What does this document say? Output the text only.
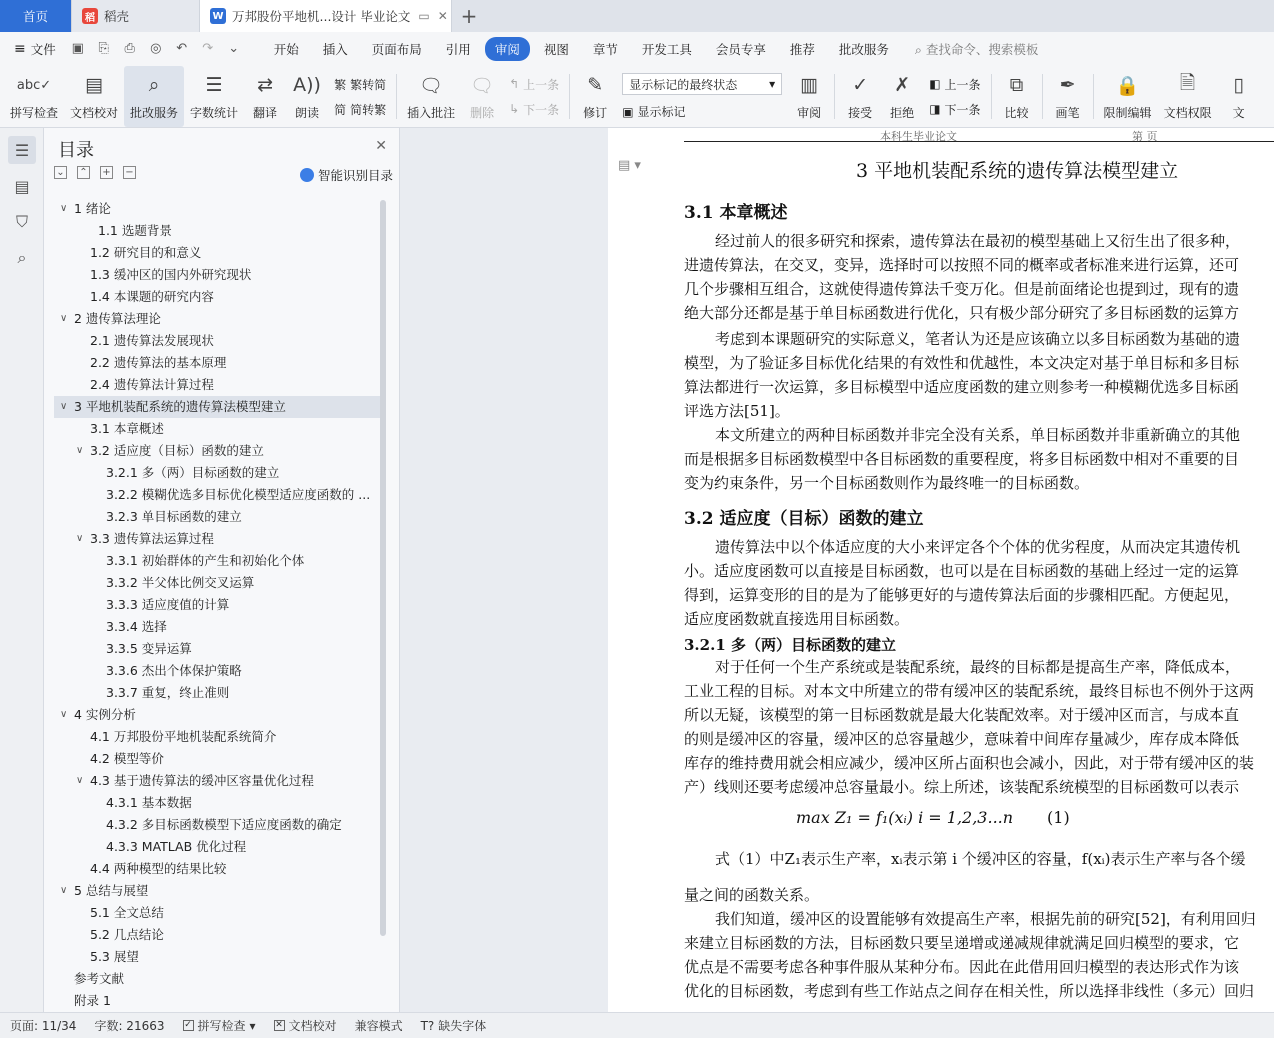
首页	稻 稻壳	W 万邦股份平地机...设计 毕业论文 ▭ ✕ +
≡ 文件 ▣ ⎘ ⎙ ◎ ↶ ↷ ⌄	开始	插入	页面布局	引用	审阅	视图	章节	开发工具	会员专享	推荐	批改服务	⌕ 查找命令、搜索模板
abc✓
拼写检查
▤
文档校对
⌕
批改服务
☰
字数统计
⇄
翻译
A))
朗读
繁 繁转简
简 简转繁
🗨
插入批注
🗨
删除
↰ 上一条
↳ 下一条
✎
修订
显示标记的最终状态	▾
▣ 显示标记
▥
审阅
✓
接受
✗
拒绝
◧ 上一条
◨ 下一条
⧉
比较
✒
画笔
🔒
限制编辑
🗎
文档权限
▯
文
☰
▤
⛉
⌕
目录	✕
⌄ ⌃ + −	智能识别目录
∨ 1 绪论
1.1 选题背景
1.2 研究目的和意义
1.3 缓冲区的国内外研究现状
1.4 本课题的研究内容
∨ 2 遗传算法理论
2.1 遗传算法发展现状
2.2 遗传算法的基本原理
2.4 遗传算法计算过程
∨ 3 平地机装配系统的遗传算法模型建立
3.1 本章概述
∨ 3.2 适应度（目标）函数的建立
3.2.1 多（两）目标函数的建立
3.2.2 模糊优选多目标优化模型适应度函数的 ...
3.2.3 单目标函数的建立
∨ 3.3 遗传算法运算过程
3.3.1 初始群体的产生和初始化个体
3.3.2 半父体比例交叉运算
3.3.3 适应度值的计算
3.3.4 选择
3.3.5 变异运算
3.3.6 杰出个体保护策略
3.3.7 重复，终止准则
∨ 4 实例分析
4.1 万邦股份平地机装配系统简介
4.2 模型等价
∨ 4.3 基于遗传算法的缓冲区容量优化过程
4.3.1 基本数据
4.3.2 多目标函数模型下适应度函数的确定
4.3.3 MATLAB 优化过程
4.4 两种模型的结果比较
∨ 5 总结与展望
5.1 全文总结
5.2 几点结论
5.3 展望
参考文献
附录 1
▤ ▾
本科生毕业论文	第 页
3 平地机装配系统的遗传算法模型建立
3.1 本章概述
经过前人的很多研究和探索，遗传算法在最初的模型基础上又衍生出了很多种，
进遗传算法，在交叉，变异，选择时可以按照不同的概率或者标准来进行运算，还可
几个步骤相互组合，这就使得遗传算法千变万化。但是前面绪论也提到过，现有的遗
绝大部分还都是基于单目标函数进行优化，只有极少部分研究了多目标函数的运算方
考虑到本课题研究的实际意义，笔者认为还是应该确立以多目标函数为基础的遗
模型，为了验证多目标优化结果的有效性和优越性，本文决定对基于单目标和多目标
算法都进行一次运算，多目标模型中适应度函数的建立则参考一种模糊优选多目标函
评选方法[51]。
本文所建立的两种目标函数并非完全没有关系，单目标函数并非重新确立的其他
而是根据多目标函数模型中各目标函数的重要程度，将多目标函数中相对不重要的目
变为约束条件，另一个目标函数则作为最终唯一的目标函数。
3.2 适应度（目标）函数的建立
遗传算法中以个体适应度的大小来评定各个个体的优劣程度，从而决定其遗传机
小。适应度函数可以直接是目标函数，也可以是在目标函数的基础上经过一定的运算
得到，运算变形的目的是为了能够更好的与遗传算法后面的步骤相匹配。方便起见，
适应度函数就直接选用目标函数。
3.2.1 多（两）目标函数的建立
对于任何一个生产系统或是装配系统，最终的目标都是提高生产率，降低成本，
工业工程的目标。对本文中所建立的带有缓冲区的装配系统，最终目标也不例外于这两
所以无疑，该模型的第一目标函数就是最大化装配效率。对于缓冲区而言，与成本直
的则是缓冲区的容量，缓冲区的总容量越少，意味着中间库存量减少，库存成本降低
库存的维持费用就会相应减少，缓冲区所占面积也会减小，因此，对于带有缓冲区的装
产）线则还要考虑缓冲总容量最小。综上所述，该装配系统模型的目标函数可以表示
max Z₁ = f₁(xᵢ) i = 1,2,3...n (1)
式（1）中Z₁表示生产率，xᵢ表示第 i 个缓冲区的容量，f(xᵢ)表示生产率与各个缓
量之间的函数关系。
我们知道，缓冲区的设置能够有效提高生产率，根据先前的研究[52]，有利用回归
来建立目标函数的方法，目标函数只要呈递增或递减规律就满足回归模型的要求，它
优点是不需要考虑各种事件服从某种分布。因此在此借用回归模型的表达形式作为该
优化的目标函数，考虑到有些工作站点之间存在相关性，所以选择非线性（多元）回归
页面: 11/34 字数: 21663 ✓ 拼写检查 ▾ ✕ 文档校对 兼容模式 T? 缺失字体
